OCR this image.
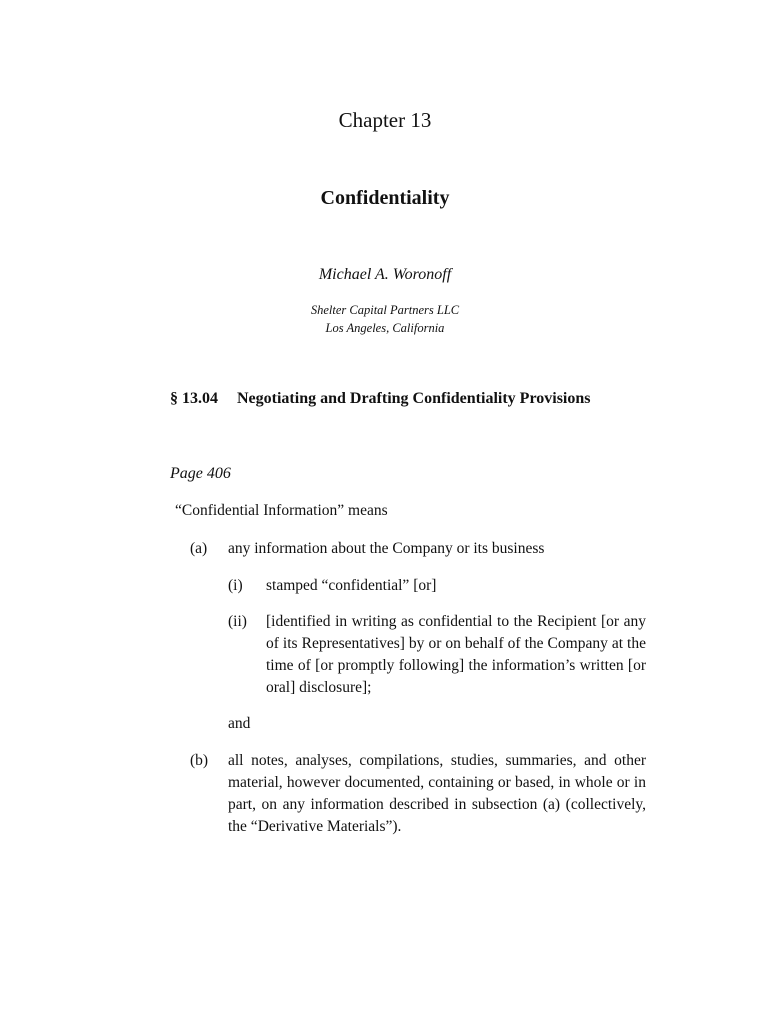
Chapter 13
Confidentiality
Michael A. Woronoff
Shelter Capital Partners LLC
Los Angeles, California
§ 13.04 Negotiating and Drafting Confidentiality Provisions
Page 406
“Confidential Information” means
(a) any information about the Company or its business
(i) stamped “confidential” [or]
(ii) [identified in writing as confidential to the Recipient [or any of its Representatives] by or on behalf of the Company at the time of [or promptly following] the information’s written [or oral] disclosure];
and
(b) all notes, analyses, compilations, studies, summaries, and other material, however documented, containing or based, in whole or in part, on any information described in subsection (a) (collectively, the “Derivative Materials”).
